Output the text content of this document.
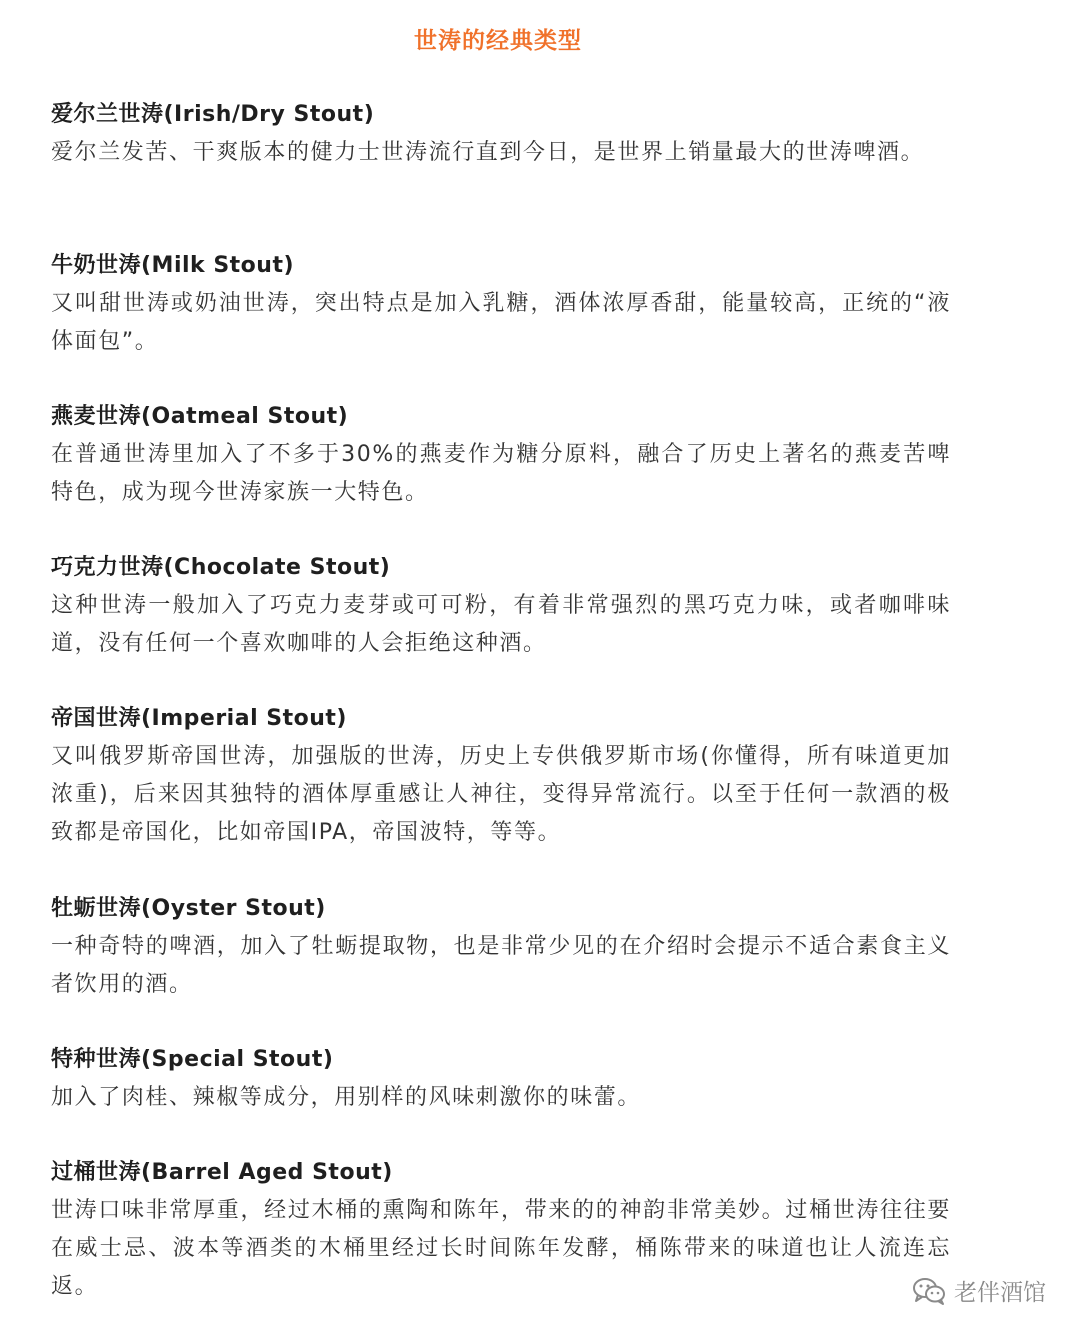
世涛的经典类型
爱尔兰世涛(Irish/Dry Stout)
爱尔兰发苦、干爽版本的健力士世涛流行直到今日，是世界上销量最大的世涛啤酒。
牛奶世涛(Milk Stout)
又叫甜世涛或奶油世涛，突出特点是加入乳糖，酒体浓厚香甜，能量较高，正统的“液体面包”。
燕麦世涛(Oatmeal Stout)
在普通世涛里加入了不多于30%的燕麦作为糖分原料，融合了历史上著名的燕麦苦啤特色，成为现今世涛家族一大特色。
巧克力世涛(Chocolate Stout)
这种世涛一般加入了巧克力麦芽或可可粉，有着非常强烈的黑巧克力味，或者咖啡味道，没有任何一个喜欢咖啡的人会拒绝这种酒。
帝国世涛(Imperial Stout)
又叫俄罗斯帝国世涛，加强版的世涛，历史上专供俄罗斯市场(你懂得，所有味道更加浓重)，后来因其独特的酒体厚重感让人神往，变得异常流行。以至于任何一款酒的极致都是帝国化，比如帝国IPA，帝国波特，等等。
牡蛎世涛(Oyster Stout)
一种奇特的啤酒，加入了牡蛎提取物，也是非常少见的在介绍时会提示不适合素食主义者饮用的酒。
特种世涛(Special Stout)
加入了肉桂、辣椒等成分，用别样的风味刺激你的味蕾。
过桶世涛(Barrel Aged Stout)
世涛口味非常厚重，经过木桶的熏陶和陈年，带来的的神韵非常美妙。过桶世涛往往要在威士忌、波本等酒类的木桶里经过长时间陈年发酵，桶陈带来的味道也让人流连忘返。	老伴酒馆
